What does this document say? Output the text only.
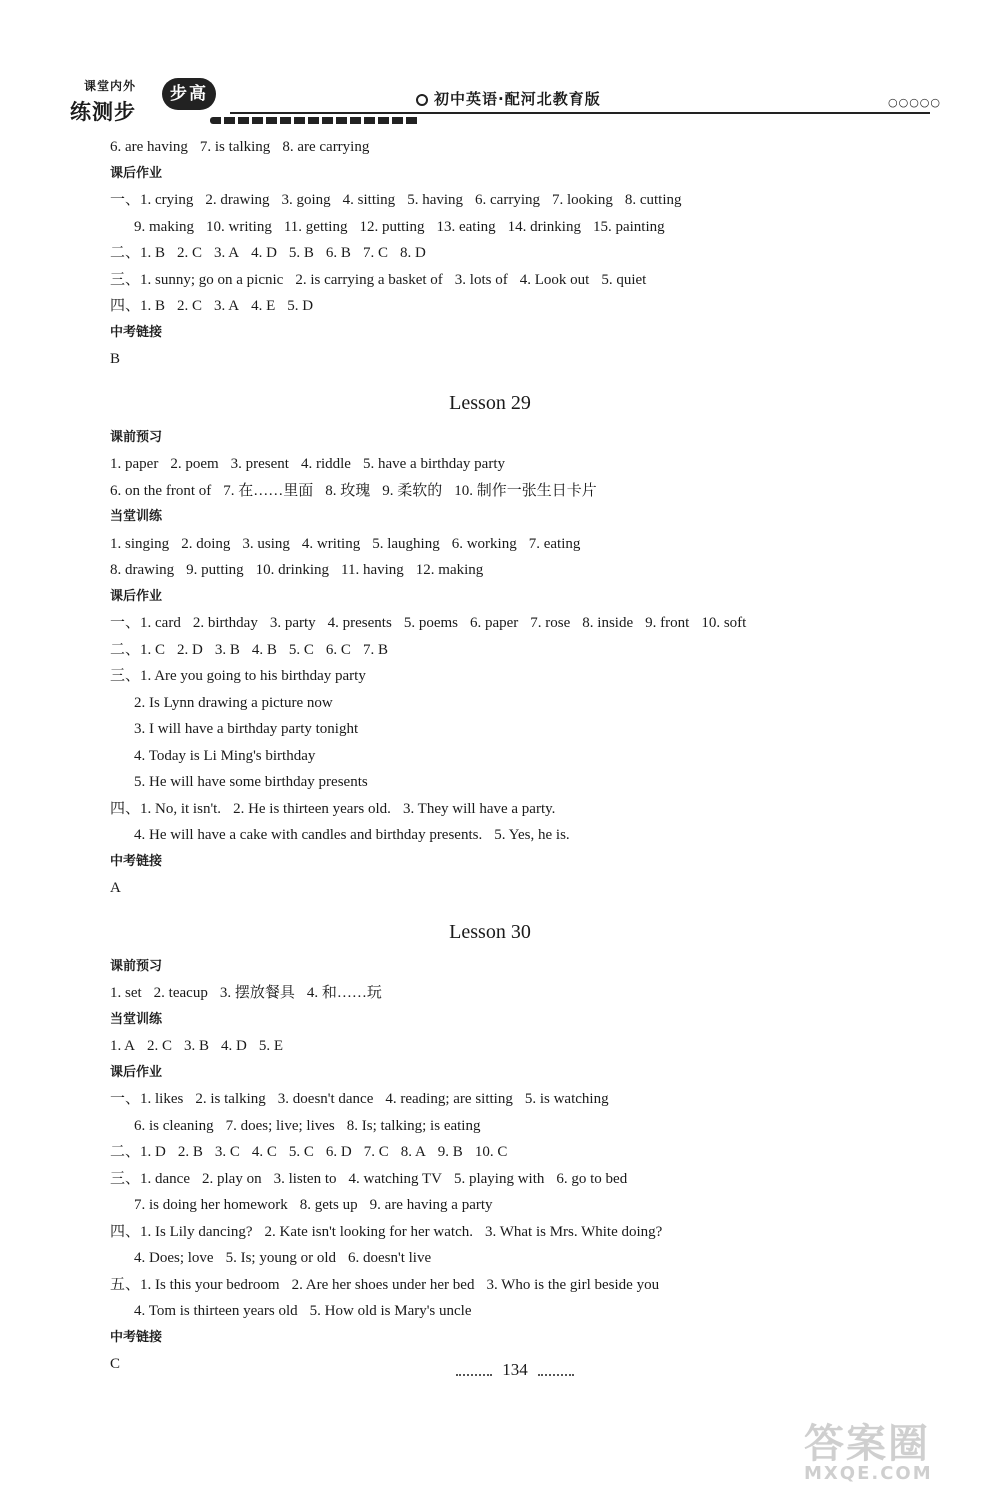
课堂内外
练测步
步高	初中英语·配河北教育版	○○○○○
6. are having 7. is talking 8. are carrying
课后作业
一、1. crying 2. drawing 3. going 4. sitting 5. having 6. carrying 7. looking 8. cutting
9. making 10. writing 11. getting 12. putting 13. eating 14. drinking 15. painting
二、1. B 2. C 3. A 4. D 5. B 6. B 7. C 8. D
三、1. sunny; go on a picnic 2. is carrying a basket of 3. lots of 4. Look out 5. quiet
四、1. B 2. C 3. A 4. E 5. D
中考链接
B
Lesson 29
课前预习
1. paper 2. poem 3. present 4. riddle 5. have a birthday party
6. on the front of 7. 在……里面 8. 玫瑰 9. 柔软的 10. 制作一张生日卡片
当堂训练
1. singing 2. doing 3. using 4. writing 5. laughing 6. working 7. eating
8. drawing 9. putting 10. drinking 11. having 12. making
课后作业
一、1. card 2. birthday 3. party 4. presents 5. poems 6. paper 7. rose 8. inside 9. front 10. soft
二、1. C 2. D 3. B 4. B 5. C 6. C 7. B
三、1. Are you going to his birthday party
2. Is Lynn drawing a picture now
3. I will have a birthday party tonight
4. Today is Li Ming's birthday
5. He will have some birthday presents
四、1. No, it isn't. 2. He is thirteen years old. 3. They will have a party.
4. He will have a cake with candles and birthday presents. 5. Yes, he is.
中考链接
A
Lesson 30
课前预习
1. set 2. teacup 3. 摆放餐具 4. 和……玩
当堂训练
1. A 2. C 3. B 4. D 5. E
课后作业
一、1. likes 2. is talking 3. doesn't dance 4. reading; are sitting 5. is watching
6. is cleaning 7. does; live; lives 8. Is; talking; is eating
二、1. D 2. B 3. C 4. C 5. C 6. D 7. C 8. A 9. B 10. C
三、1. dance 2. play on 3. listen to 4. watching TV 5. playing with 6. go to bed
7. is doing her homework 8. gets up 9. are having a party
四、1. Is Lily dancing? 2. Kate isn't looking for her watch. 3. What is Mrs. White doing?
4. Does; love 5. Is; young or old 6. doesn't live
五、1. Is this your bedroom 2. Are her shoes under her bed 3. Who is the girl beside you
4. Tom is thirteen years old 5. How old is Mary's uncle
中考链接
C	134
答案圈
MXQE.COM
